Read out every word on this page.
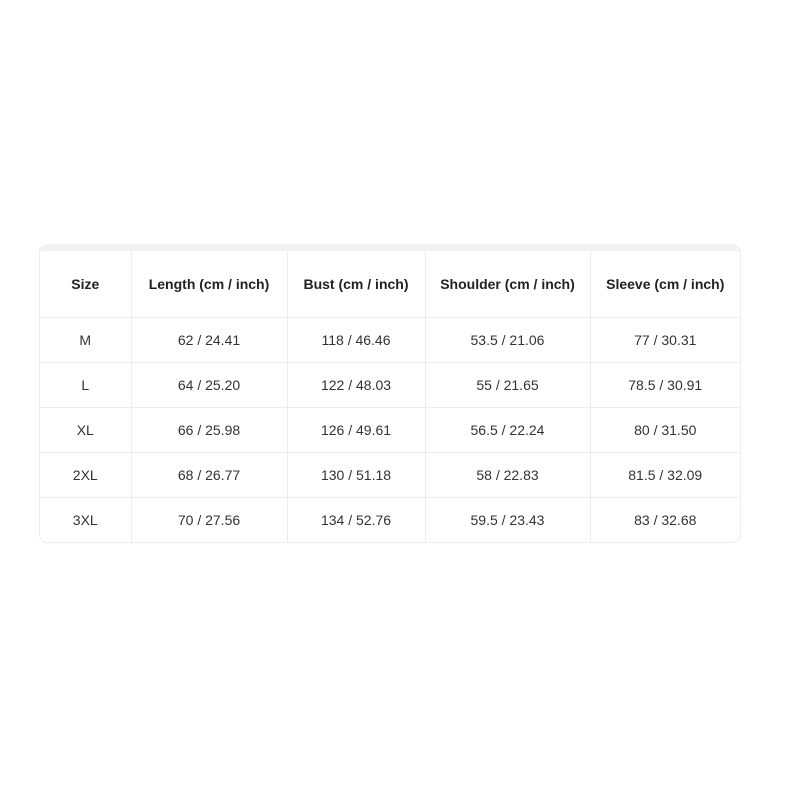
Size	Length (cm / inch)	Bust (cm / inch)	Shoulder (cm / inch)	Sleeve (cm / inch)
M	62 / 24.41	118 / 46.46	53.5 / 21.06	77 / 30.31
L	64 / 25.20	122 / 48.03	55 / 21.65	78.5 / 30.91
XL	66 / 25.98	126 / 49.61	56.5 / 22.24	80 / 31.50
2XL	68 / 26.77	130 / 51.18	58 / 22.83	81.5 / 32.09
3XL	70 / 27.56	134 / 52.76	59.5 / 23.43	83 / 32.68
